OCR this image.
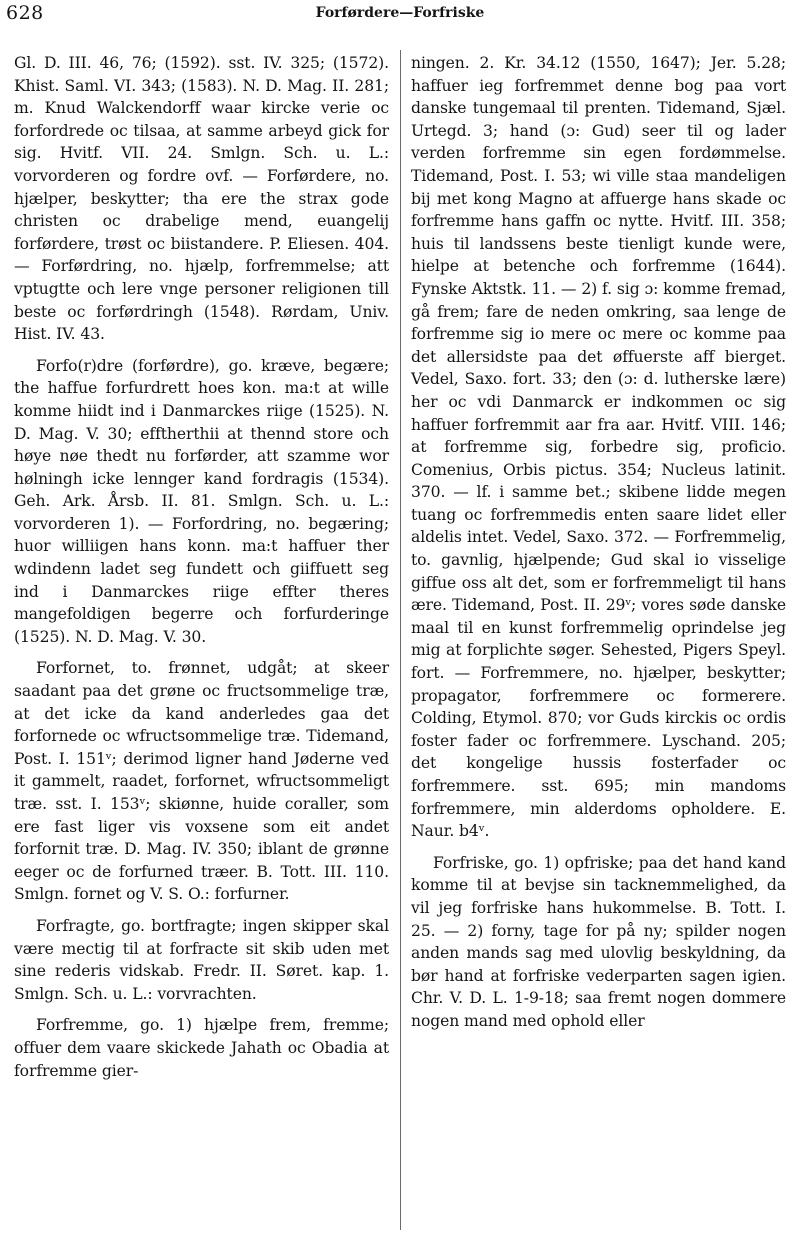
628	Forførdere—Forfriske

Gl. D. III. 46, 76; (1592). sst. IV. 325; (1572). Khist. Saml. VI. 343; (1583). N. D. Mag. II. 281; m. Knud Walckendorff waar kircke verie oc forfordrede oc tilsaa, at samme arbeyd gick for sig. Hvitf. VII. 24. Smlgn. Sch. u. L.: vorvorderen og fordre ovf. — Forførdere, no. hjælper, beskytter; tha ere the strax gode christen oc drabelige mend, euangelij forførdere, trøst oc biistandere. P. Eliesen. 404. — Forførdring, no. hjælp, forfremmelse; att vptugtte och lere vnge personer religionen till beste oc forførdringh (1548). Rørdam, Univ. Hist. IV. 43.

Forfo(r)dre (forførdre), go. kræve, begære; the haffue forfurdrett hoes kon. ma:t at wille komme hiidt ind i Danmarckes riige (1525). N. D. Mag. V. 30; efftherthii at thennd store och høye nøe thedt nu forførder, att szamme wor hølningh icke lennger kand fordragis (1534). Geh. Ark. Årsb. II. 81. Smlgn. Sch. u. L.: vorvorderen 1). — Forfordring, no. begæring; huor williigen hans konn. ma:t haffuer ther wdindenn ladet seg fundett och giiffuett seg ind i Danmarckes riige effter theres mangefoldigen begerre och forfurderinge (1525). N. D. Mag. V. 30.

Forfornet, to. frønnet, udgåt; at skeer saadant paa det grøne oc fructsommelige træ, at det icke da kand anderledes gaa det forfornede oc wfructsommelige træ. Tidemand, Post. I. 151ᵛ; derimod ligner hand Jøderne ved it gammelt, raadet, forfornet, wfructsommeligt træ. sst. I. 153ᵛ; skiønne, huide coraller, som ere fast liger vis voxsene som eit andet forfornit træ. D. Mag. IV. 350; iblant de grønne eeger oc de forfurned træer. B. Tott. III. 110. Smlgn. fornet og V. S. O.: forfurner.

Forfragte, go. bortfragte; ingen skipper skal være mectig til at forfracte sit skib uden met sine rederis vidskab. Fredr. II. Søret. kap. 1. Smlgn. Sch. u. L.: vorvrachten.

Forfremme, go. 1) hjælpe frem, fremme; offuer dem vaare skickede Jahath oc Obadia at forfremme gier-

ningen. 2. Kr. 34.12 (1550, 1647); Jer. 5.28; haffuer ieg forfremmet denne bog paa vort danske tungemaal til prenten. Tidemand, Sjæl. Urtegd. 3; hand (ɔ: Gud) seer til og lader verden forfremme sin egen fordømmelse. Tidemand, Post. I. 53; wi ville staa mandeligen bij met kong Magno at affuerge hans skade oc forfremme hans gaffn oc nytte. Hvitf. III. 358; huis til landssens beste tienligt kunde were, hielpe at betenche och forfremme (1644). Fynske Aktstk. 11. — 2) f. sig ɔ: komme fremad, gå frem; fare de neden omkring, saa lenge de forfremme sig io mere oc mere oc komme paa det allersidste paa det øffuerste aff bierget. Vedel, Saxo. fort. 33; den (ɔ: d. lutherske lære) her oc vdi Danmarck er indkommen oc sig haffuer forfremmit aar fra aar. Hvitf. VIII. 146; at forfremme sig, forbedre sig, proficio. Comenius, Orbis pictus. 354; Nucleus latinit. 370. — lf. i samme bet.; skibene lidde megen tuang oc forfremmedis enten saare lidet eller aldelis intet. Vedel, Saxo. 372. — Forfremmelig, to. gavnlig, hjælpende; Gud skal io visselige giffue oss alt det, som er forfremmeligt til hans ære. Tidemand, Post. II. 29ᵛ; vores søde danske maal til en kunst forfremmelig oprindelse jeg mig at forplichte søger. Sehested, Pigers Speyl. fort. — Forfremmere, no. hjælper, beskytter; propagator, forfremmere oc formerere. Colding, Etymol. 870; vor Guds kirckis oc ordis foster fader oc forfremmere. Lyschand. 205; det kongelige hussis fosterfader oc forfremmere. sst. 695; min mandoms forfremmere, min alderdoms opholdere. E. Naur. b4ᵛ.

Forfriske, go. 1) opfriske; paa det hand kand komme til at bevjse sin tacknemmelighed, da vil jeg forfriske hans hukommelse. B. Tott. I. 25. — 2) forny, tage for på ny; spilder nogen anden mands sag med ulovlig beskyldning, da bør hand at forfriske vederparten sagen igien. Chr. V. D. L. 1-9-18; saa fremt nogen dommere nogen mand med ophold eller
